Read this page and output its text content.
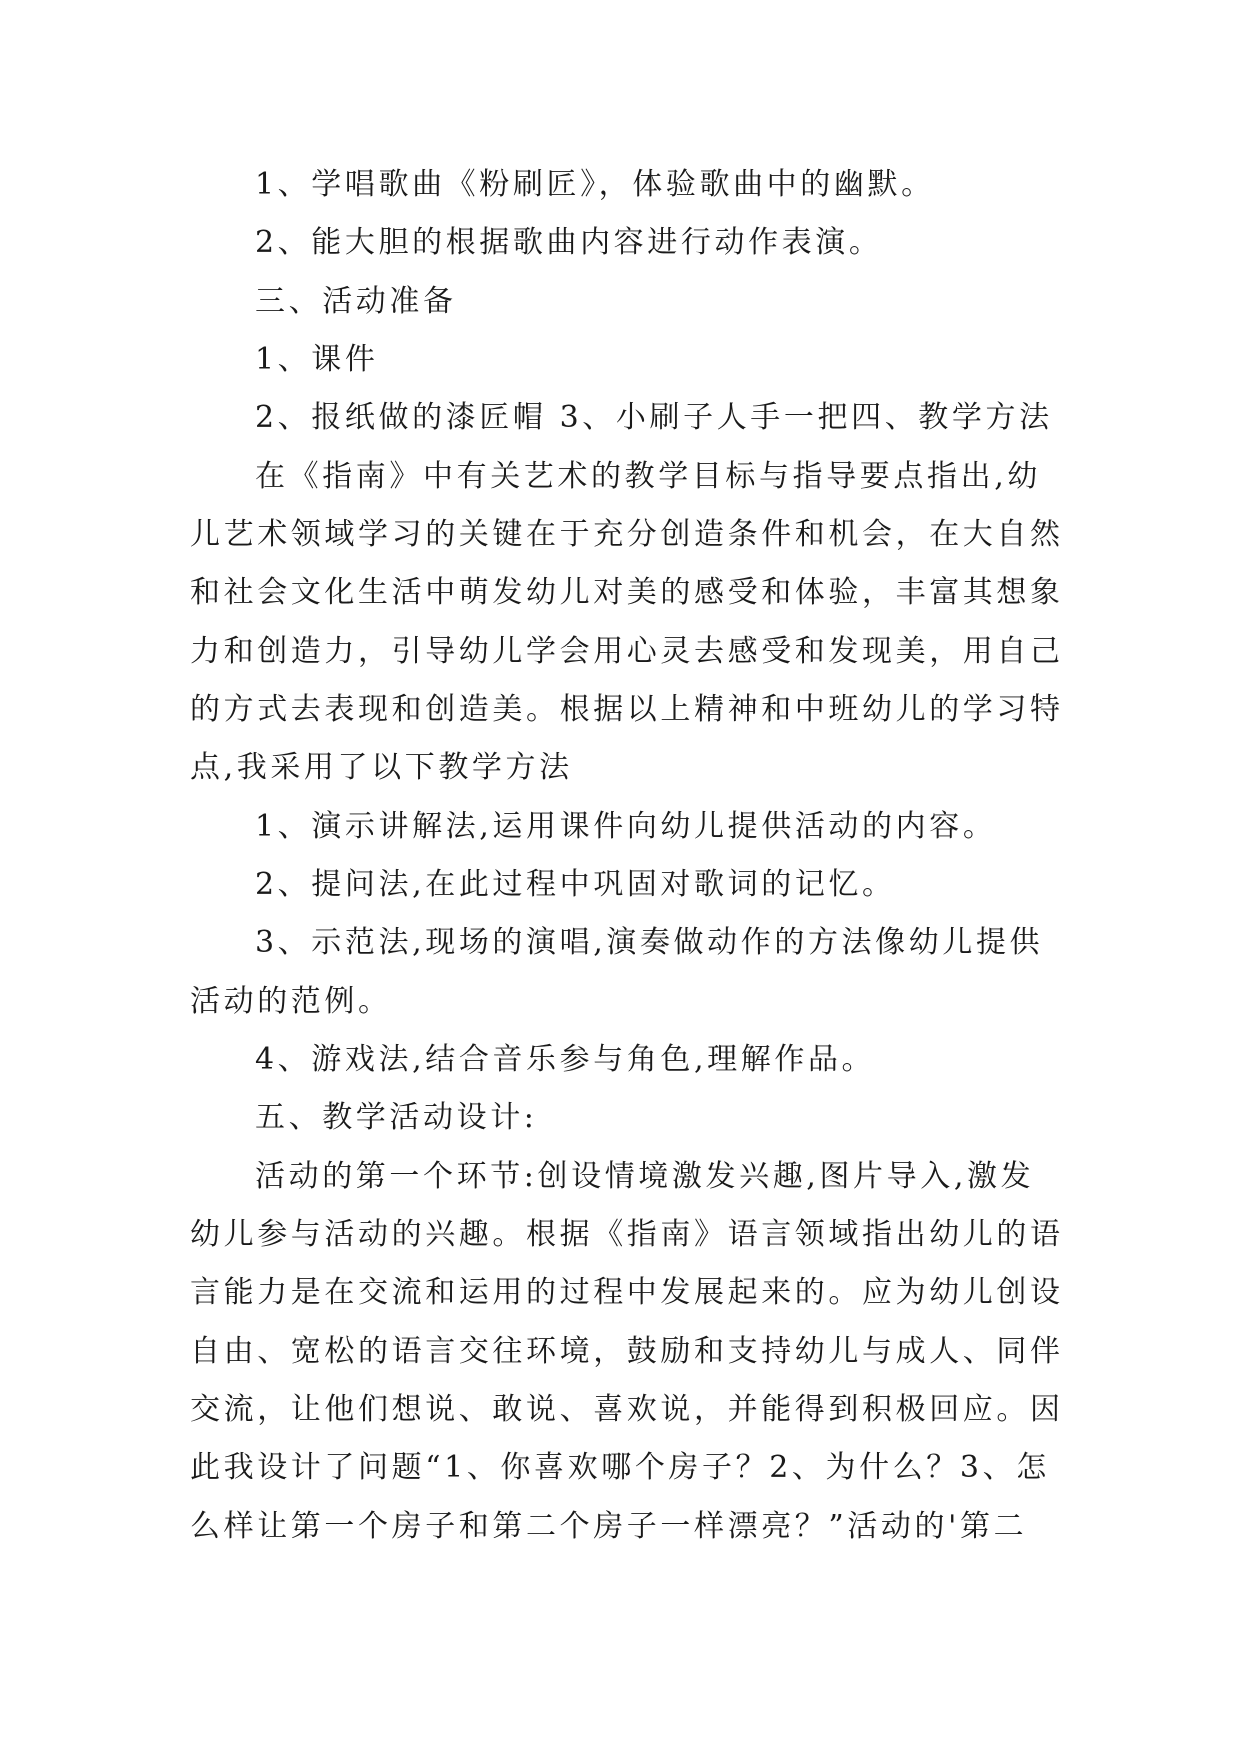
1、学唱歌曲《粉刷匠》，体验歌曲中的幽默。

2、能大胆的根据歌曲内容进行动作表演。

三、活动准备

1、课件

2、报纸做的漆匠帽 3、小刷子人手一把四、教学方法

在《指南》中有关艺术的教学目标与指导要点指出,幼

儿艺术领域学习的关键在于充分创造条件和机会，在大自然

和社会文化生活中萌发幼儿对美的感受和体验，丰富其想象

力和创造力，引导幼儿学会用心灵去感受和发现美，用自己

的方式去表现和创造美。根据以上精神和中班幼儿的学习特

点,我采用了以下教学方法

1、演示讲解法,运用课件向幼儿提供活动的内容。

2、提问法,在此过程中巩固对歌词的记忆。

3、示范法,现场的演唱,演奏做动作的方法像幼儿提供

活动的范例。

4、游戏法,结合音乐参与角色,理解作品。

五、教学活动设计:

活动的第一个环节:创设情境激发兴趣,图片导入,激发

幼儿参与活动的兴趣。根据《指南》语言领域指出幼儿的语

言能力是在交流和运用的过程中发展起来的。应为幼儿创设

自由、宽松的语言交往环境，鼓励和支持幼儿与成人、同伴

交流，让他们想说、敢说、喜欢说，并能得到积极回应。因

此我设计了问题“1、你喜欢哪个房子？2、为什么？3、怎

么样让第一个房子和第二个房子一样漂亮？”活动的'第二
